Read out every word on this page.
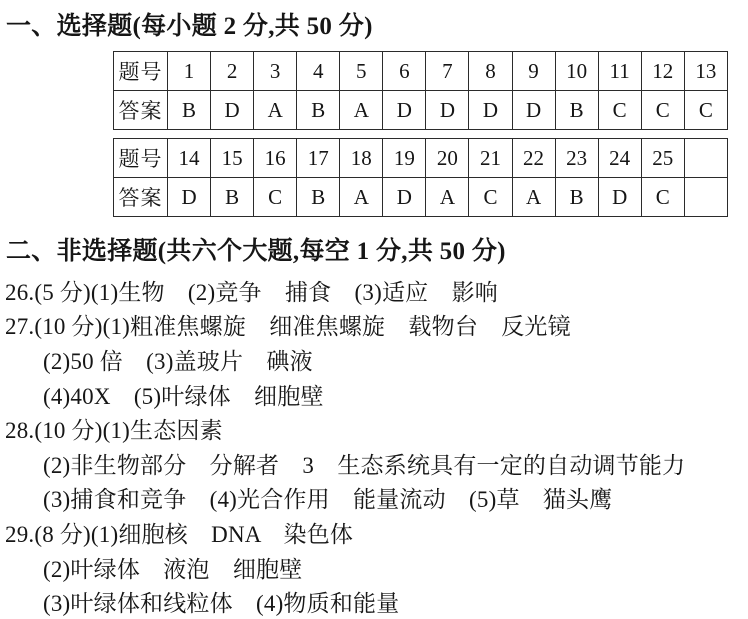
一、选择题(每小题 2 分,共 50 分)

题号	1	2	3	4	5	6	7	8	9	10	11	12	13
答案	B	D	A	B	A	D	D	D	D	B	C	C	C
题号	14	15	16	17	18	19	20	21	22	23	24	25	
答案	D	B	C	B	A	D	A	C	A	B	D	C	

二、非选择题(共六个大题,每空 1 分,共 50 分)

26.(5 分)(1)生物　(2)竞争　捕食　(3)适应　影响

27.(10 分)(1)粗准焦螺旋　细准焦螺旋　载物台　反光镜

(2)50 倍　(3)盖玻片　碘液

(4)40X　(5)叶绿体　细胞壁

28.(10 分)(1)生态因素

(2)非生物部分　分解者　3　生态系统具有一定的自动调节能力

(3)捕食和竞争　(4)光合作用　能量流动　(5)草　猫头鹰

29.(8 分)(1)细胞核　DNA　染色体

(2)叶绿体　液泡　细胞壁

(3)叶绿体和线粒体　(4)物质和能量
